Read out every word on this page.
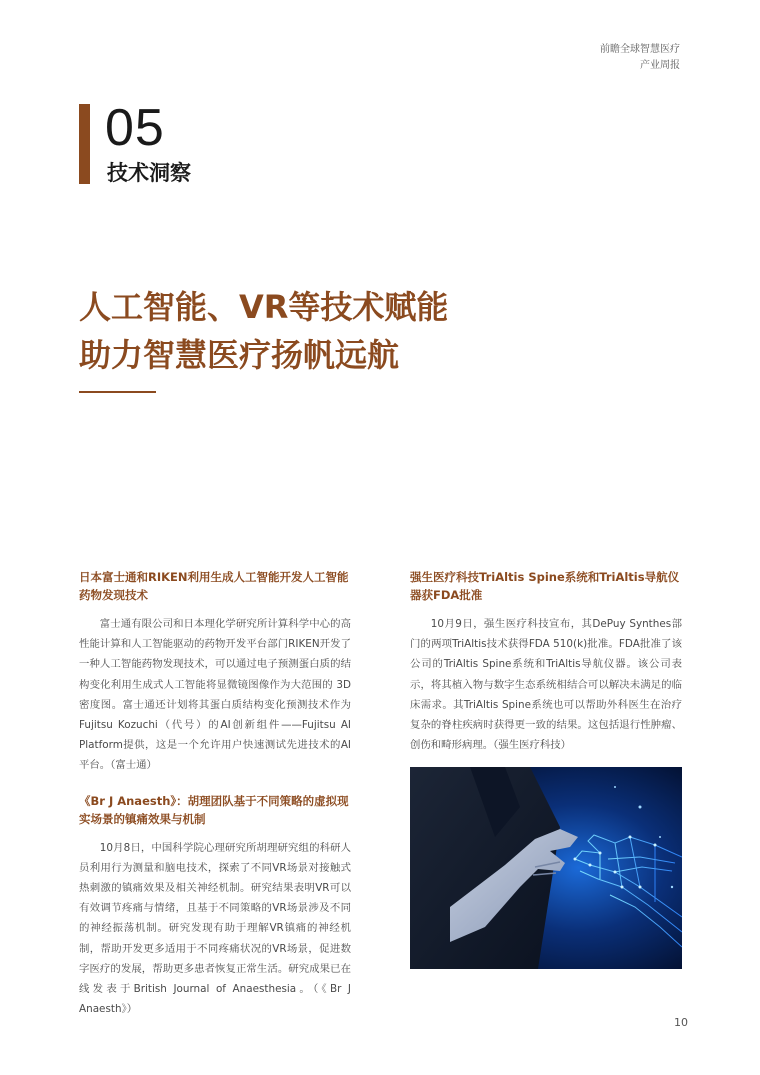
前瞻全球智慧医疗
产业周报
05
技术洞察
人工智能、VR等技术赋能
助力智慧医疗扬帆远航

日本富士通和RIKEN利用生成人工智能开发人工智能药物发现技术

富士通有限公司和日本理化学研究所计算科学中心的高性能计算和人工智能驱动的药物开发平台部门RIKEN开发了一种人工智能药物发现技术，可以通过电子预测蛋白质的结构变化利用生成式人工智能将显微镜图像作为大范围的 3D密度图。富士通还计划将其蛋白质结构变化预测技术作为Fujitsu Kozuchi（代号）的AI创新组件——Fujitsu AI Platform提供，这是一个允许用户快速测试先进技术的AI平台。（富士通）

《Br J Anaesth》：胡理团队基于不同策略的虚拟现实场景的镇痛效果与机制

10月8日，中国科学院心理研究所胡理研究组的科研人员利用行为测量和脑电技术，探索了不同VR场景对接触式热刺激的镇痛效果及相关神经机制。研究结果表明VR可以有效调节疼痛与情绪，且基于不同策略的VR场景涉及不同的神经振荡机制。研究发现有助于理解VR镇痛的神经机制，帮助开发更多适用于不同疼痛状况的VR场景，促进数字医疗的发展，帮助更多患者恢复正常生活。研究成果已在线发表于British Journal of Anaesthesia。（《Br J Anaesth》）

强生医疗科技TriAltis Spine系统和TriAltis导航仪器获FDA批准

10月9日，强生医疗科技宣布，其DePuy Synthes部门的两项TriAltis技术获得FDA 510(k)批准。FDA批准了该公司的TriAltis Spine系统和TriAltis导航仪器。该公司表示，将其植入物与数字生态系统相结合可以解决未满足的临床需求。其TriAltis Spine系统也可以帮助外科医生在治疗复杂的脊柱疾病时获得更一致的结果。这包括退行性肿瘤、创伤和畸形病理。（强生医疗科技）

10
